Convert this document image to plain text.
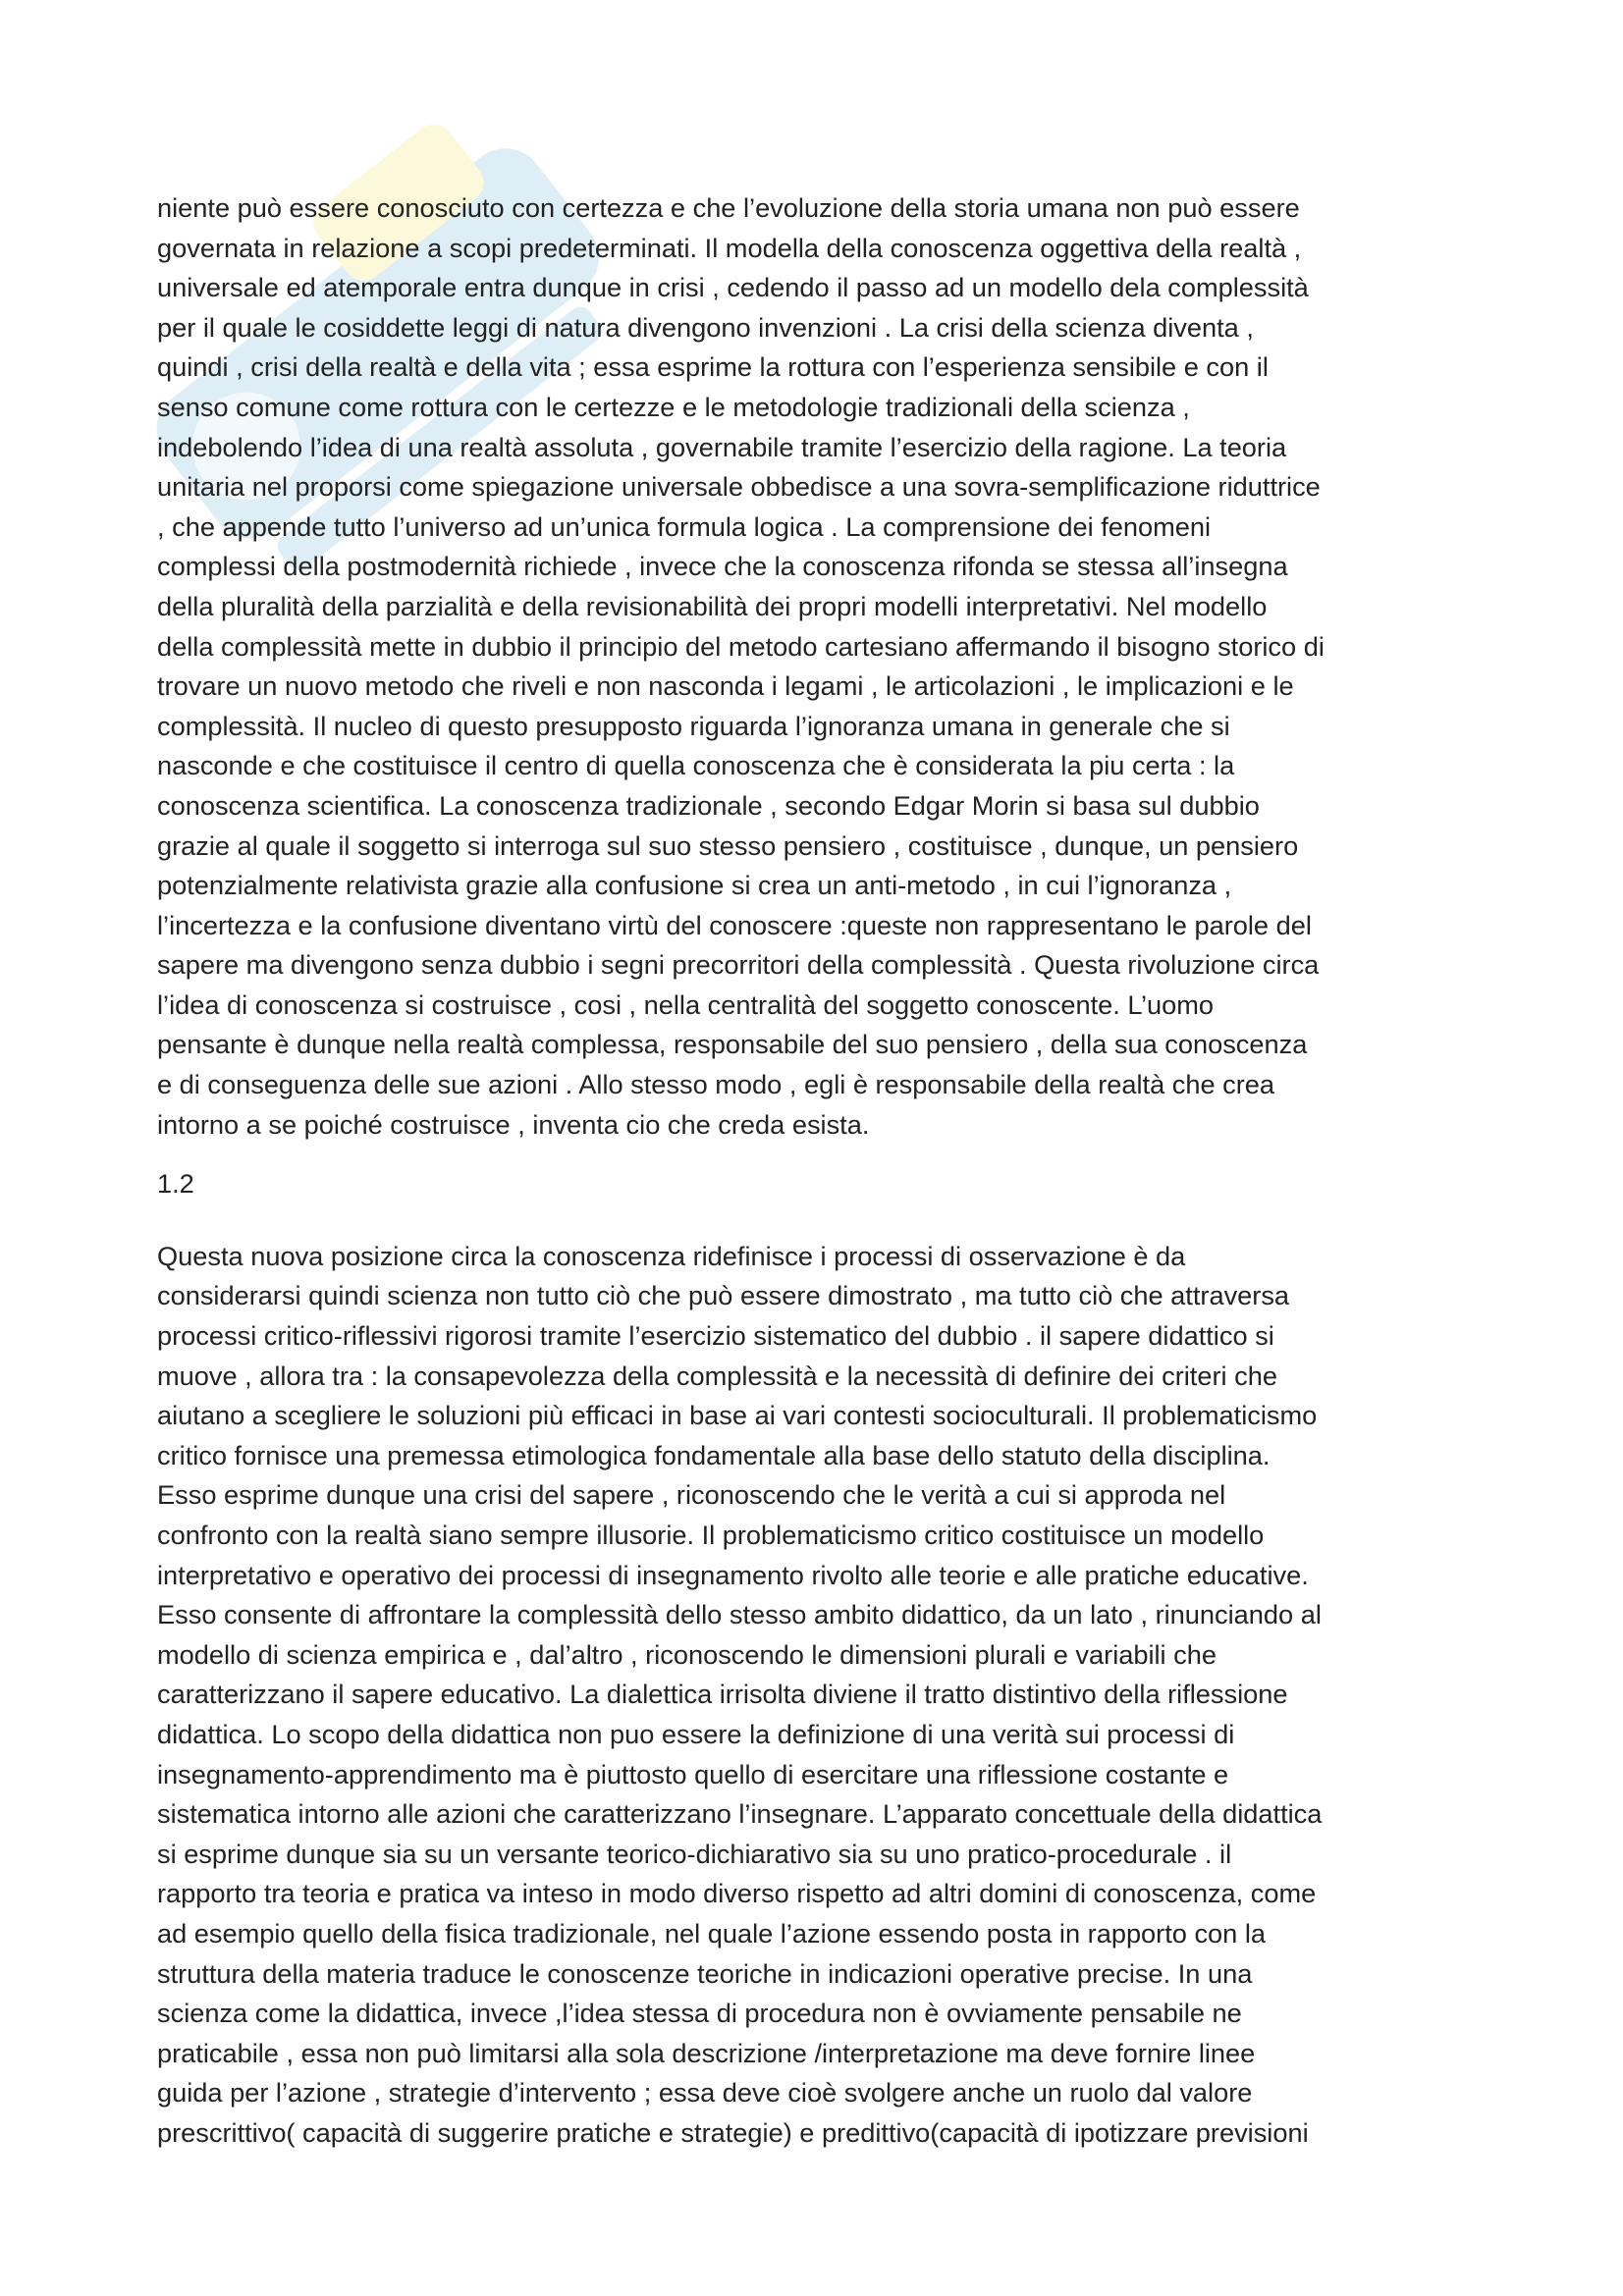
niente può essere conosciuto con certezza e che l’evoluzione della storia umana non può essere
governata in relazione a scopi predeterminati. Il modella della conoscenza oggettiva della realtà ,
universale ed atemporale entra dunque in crisi , cedendo il passo ad un modello dela complessità
per il quale le cosiddette leggi di natura divengono invenzioni . La crisi della scienza diventa ,
quindi , crisi della realtà e della vita ; essa esprime la rottura con l’esperienza sensibile e con il
senso comune come rottura con le certezze e le metodologie tradizionali della scienza ,
indebolendo l’idea di una realtà assoluta , governabile tramite l’esercizio della ragione. La teoria
unitaria nel proporsi come spiegazione universale obbedisce a una sovra-semplificazione riduttrice
, che appende tutto l’universo ad un’unica formula logica . La comprensione dei fenomeni
complessi della postmodernità richiede , invece che la conoscenza rifonda se stessa all’insegna
della pluralità della parzialità e della revisionabilità dei propri modelli interpretativi. Nel modello
della complessità mette in dubbio il principio del metodo cartesiano affermando il bisogno storico di
trovare un nuovo metodo che riveli e non nasconda i legami , le articolazioni , le implicazioni e le
complessità. Il nucleo di questo presupposto riguarda l’ignoranza umana in generale che si
nasconde e che costituisce il centro di quella conoscenza che è considerata la piu certa : la
conoscenza scientifica. La conoscenza tradizionale , secondo Edgar Morin si basa sul dubbio
grazie al quale il soggetto si interroga sul suo stesso pensiero , costituisce , dunque, un pensiero
potenzialmente relativista grazie alla confusione si crea un anti-metodo , in cui l’ignoranza ,
l’incertezza e la confusione diventano virtù del conoscere :queste non rappresentano le parole del
sapere ma divengono senza dubbio i segni precorritori della complessità . Questa rivoluzione circa
l’idea di conoscenza si costruisce , cosi , nella centralità del soggetto conoscente. L’uomo
pensante è dunque nella realtà complessa, responsabile del suo pensiero , della sua conoscenza
e di conseguenza delle sue azioni . Allo stesso modo , egli è responsabile della realtà che crea
intorno a se poiché costruisce , inventa cio che creda esista.
1.2
Questa nuova posizione circa la conoscenza ridefinisce i processi di osservazione è da
considerarsi quindi scienza non tutto ciò che può essere dimostrato , ma tutto ciò che attraversa
processi critico-riflessivi rigorosi tramite l’esercizio sistematico del dubbio . il sapere didattico si
muove , allora tra : la consapevolezza della complessità e la necessità di definire dei criteri che
aiutano a scegliere le soluzioni più efficaci in base ai vari contesti socioculturali. Il problematicismo
critico fornisce una premessa etimologica fondamentale alla base dello statuto della disciplina.
Esso esprime dunque una crisi del sapere , riconoscendo che le verità a cui si approda nel
confronto con la realtà siano sempre illusorie. Il problematicismo critico costituisce un modello
interpretativo e operativo dei processi di insegnamento rivolto alle teorie e alle pratiche educative.
Esso consente di affrontare la complessità dello stesso ambito didattico, da un lato , rinunciando al
modello di scienza empirica e , dal’altro , riconoscendo le dimensioni plurali e variabili che
caratterizzano il sapere educativo. La dialettica irrisolta diviene il tratto distintivo della riflessione
didattica. Lo scopo della didattica non puo essere la definizione di una verità sui processi di
insegnamento-apprendimento ma è piuttosto quello di esercitare una riflessione costante e
sistematica intorno alle azioni che caratterizzano l’insegnare. L’apparato concettuale della didattica
si esprime dunque sia su un versante teorico-dichiarativo sia su uno pratico-procedurale . il
rapporto tra teoria e pratica va inteso in modo diverso rispetto ad altri domini di conoscenza, come
ad esempio quello della fisica tradizionale, nel quale l’azione essendo posta in rapporto con la
struttura della materia traduce le conoscenze teoriche in indicazioni operative precise. In una
scienza come la didattica, invece ,l’idea stessa di procedura non è ovviamente pensabile ne
praticabile , essa non può limitarsi alla sola descrizione /interpretazione ma deve fornire linee
guida per l’azione , strategie d’intervento ; essa deve cioè svolgere anche un ruolo dal valore
prescrittivo( capacità di suggerire pratiche e strategie) e predittivo(capacità di ipotizzare previsioni
